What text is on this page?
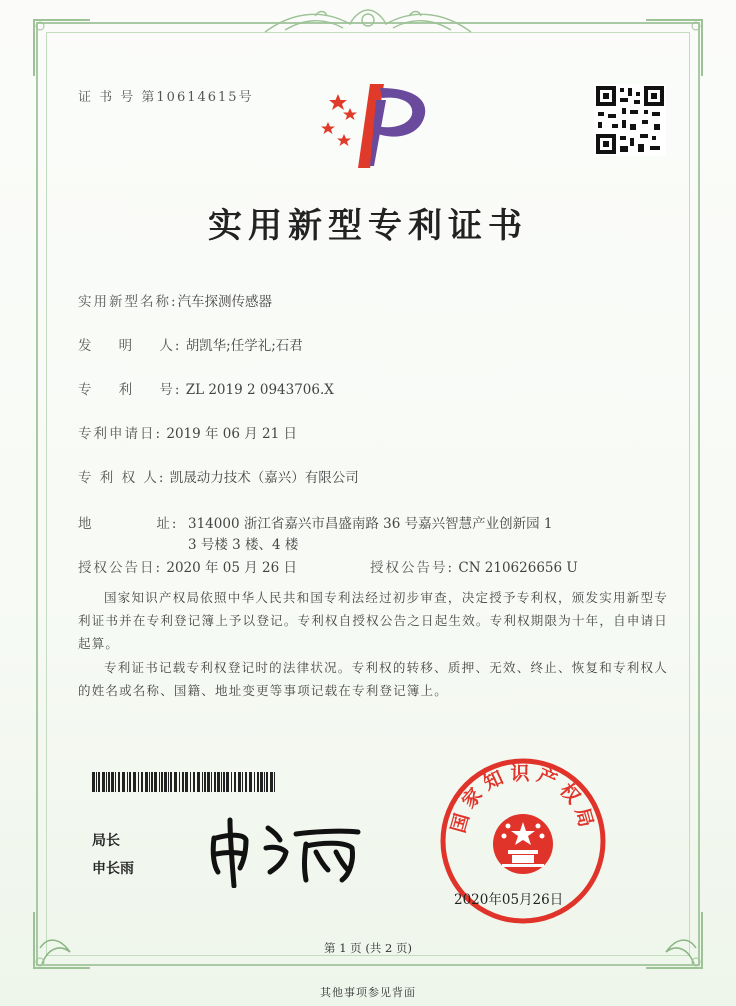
证 书 号 第10614615号
实用新型专利证书
实用新型名称:汽车探测传感器
发    明    人: 胡凯华;任学礼;石君
专    利    号: ZL 2019 2 0943706.X
专利申请日: 2019 年 06 月 21 日
专 利 权 人: 凯晟动力技术（嘉兴）有限公司
地          址: 314000 浙江省嘉兴市昌盛南路 36 号嘉兴智慧产业创新园 1
3 号楼 3 楼、4 楼
授权公告日: 2020 年 05 月 26 日	授权公告号: CN 210626656 U
国家知识产权局依照中华人民共和国专利法经过初步审查，决定授予专利权，颁发实用新型专利证书并在专利登记簿上予以登记。专利权自授权公告之日起生效。专利权期限为十年，自申请日起算。
专利证书记载专利权登记时的法律状况。专利权的转移、质押、无效、终止、恢复和专利权人的姓名或名称、国籍、地址变更等事项记载在专利登记簿上。
局长
申长雨
国家知识产权局
2020年05月26日
第 1 页 (共 2 页)
其他事项参见背面
